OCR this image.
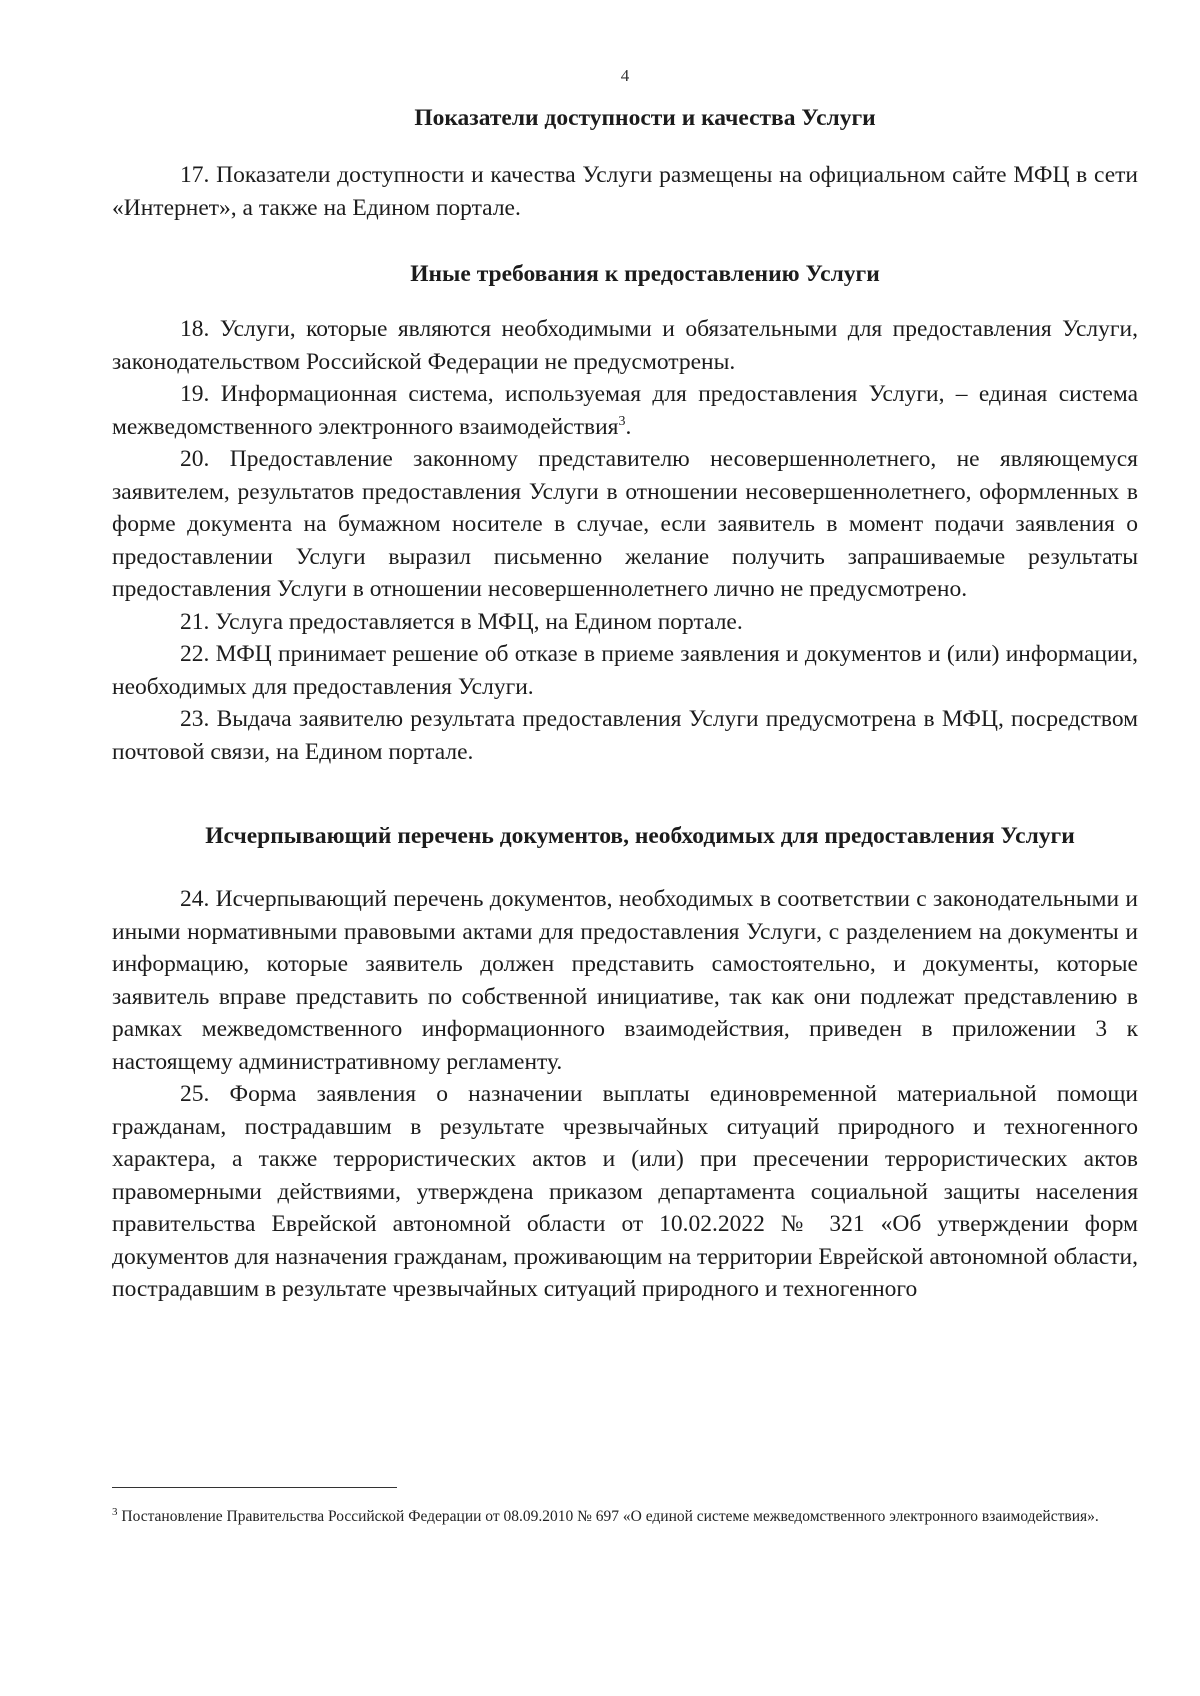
4
Показатели доступности и качества Услуги

17. Показатели доступности и качества Услуги размещены на официальном сайте МФЦ в сети «Интернет», а также на Едином портале.

Иные требования к предоставлению Услуги

18. Услуги, которые являются необходимыми и обязательными для предоставления Услуги, законодательством Российской Федерации не предусмотрены.

19. Информационная система, используемая для предоставления Услуги, – единая система межведомственного электронного взаимодействия$^3$.

20. Предоставление законному представителю несовершеннолетнего, не являющемуся заявителем, результатов предоставления Услуги в отношении несовершеннолетнего, оформленных в форме документа на бумажном носителе в случае, если заявитель в момент подачи заявления о предоставлении Услуги выразил письменно желание получить запрашиваемые результаты предоставления Услуги в отношении несовершеннолетнего лично не предусмотрено.

21. Услуга предоставляется в МФЦ, на Едином портале.

22. МФЦ принимает решение об отказе в приеме заявления и документов и (или) информации, необходимых для предоставления Услуги.

23. Выдача заявителю результата предоставления Услуги предусмотрена в МФЦ, посредством почтовой связи, на Едином портале.

Исчерпывающий перечень документов, необходимых для предоставления Услуги

24. Исчерпывающий перечень документов, необходимых в соответствии с законодательными и иными нормативными правовыми актами для предоставления Услуги, с разделением на документы и информацию, которые заявитель должен представить самостоятельно, и документы, которые заявитель вправе представить по собственной инициативе, так как они подлежат представлению в рамках межведомственного информационного взаимодействия, приведен в приложении 3 к настоящему административному регламенту.

25. Форма заявления о назначении выплаты единовременной материальной помощи гражданам, пострадавшим в результате чрезвычайных ситуаций природного и техногенного характера, а также террористических актов и (или) при пресечении террористических актов правомерными действиями, утверждена приказом департамента социальной защиты населения правительства Еврейской автономной области от 10.02.2022 № 321 «Об утверждении форм документов для назначения гражданам, проживающим на территории Еврейской автономной области, пострадавшим в результате чрезвычайных ситуаций природного и техногенного

$^3$ Постановление Правительства Российской Федерации от 08.09.2010 № 697 «О единой системе межведомственного электронного взаимодействия».
